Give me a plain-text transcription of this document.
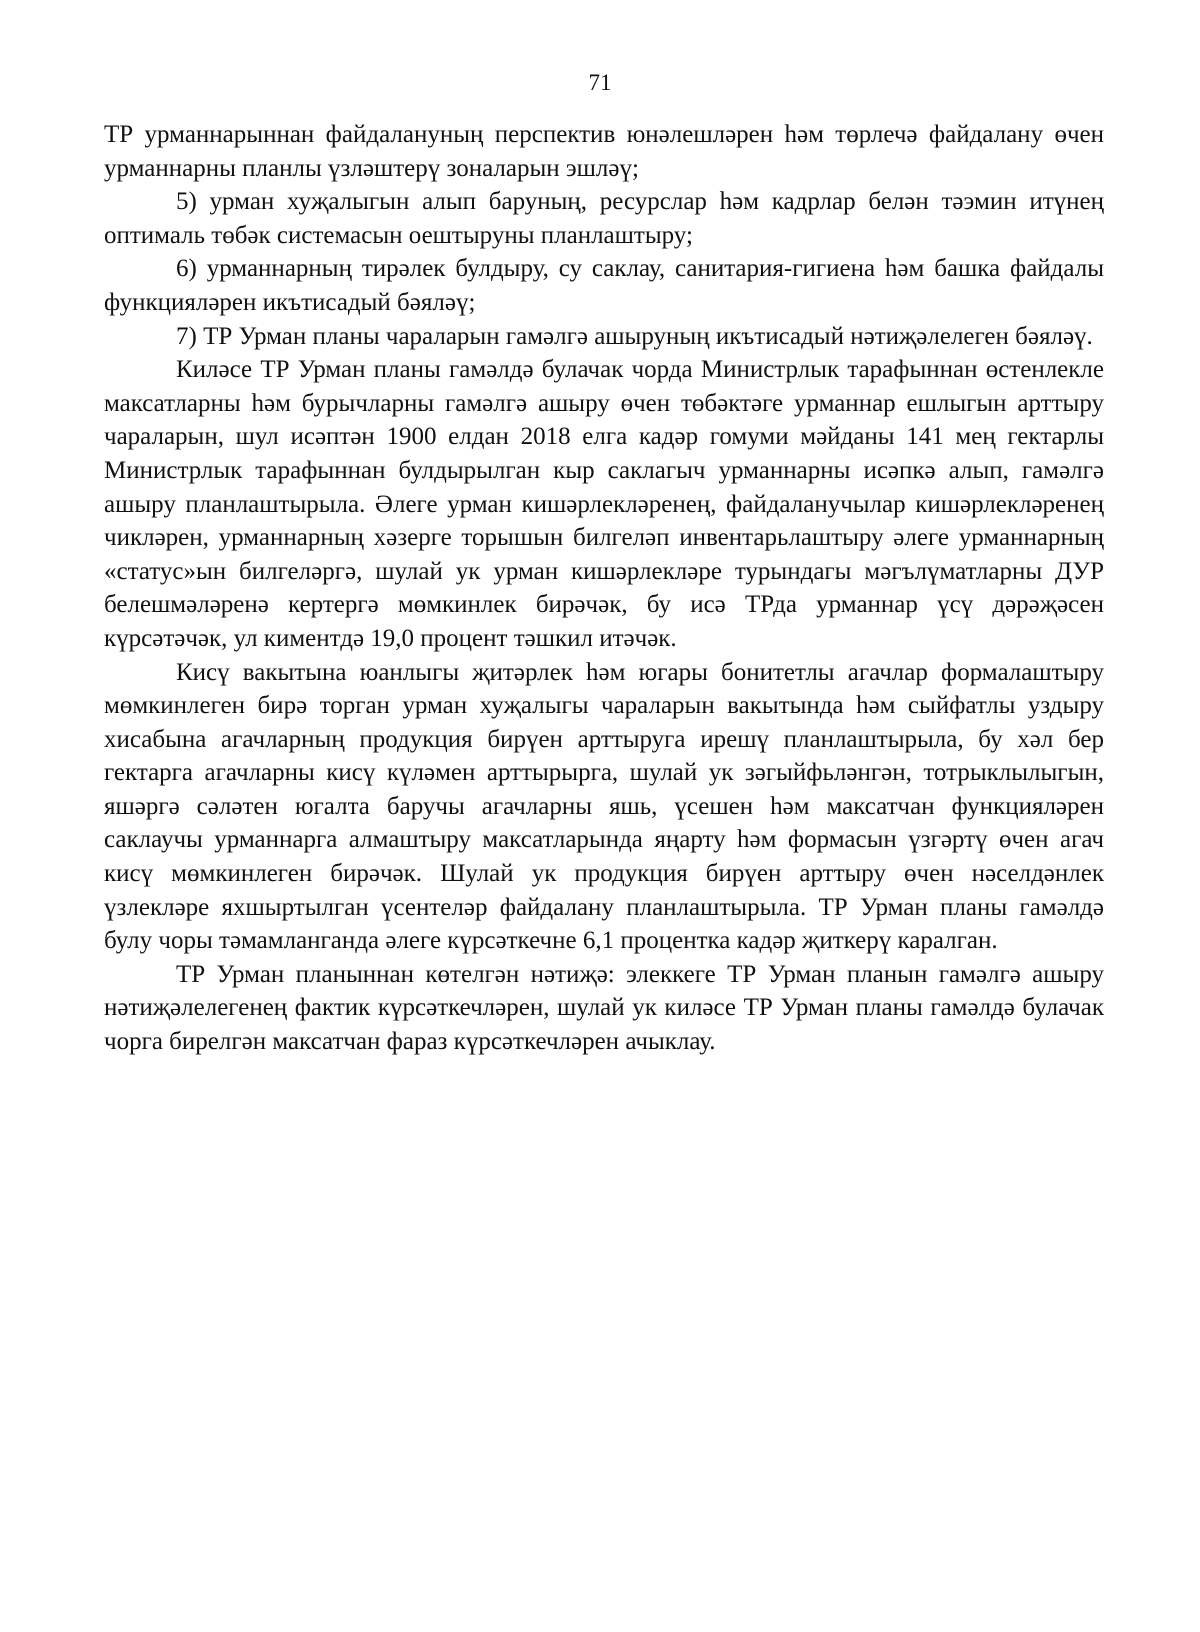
71

ТР урманнарыннан файдалануның перспектив юнәлешләрен һәм төрлечә файдалану өчен урманнарны планлы үзләштерү зоналарын эшләү;

5) урман хуҗалыгын алып баруның, ресурслар һәм кадрлар белән тәэмин итүнең оптималь төбәк системасын оештыруны планлаштыру;

6) урманнарның тирәлек булдыру, су саклау, санитария-гигиена һәм башка файдалы функцияләрен икътисадый бәяләү;

7) ТР Урман планы чараларын гамәлгә ашыруның икътисадый нәтиҗәлелеген бәяләү.

Киләсе ТР Урман планы гамәлдә булачак чорда Министрлык тарафыннан өстенлекле максатларны һәм бурычларны гамәлгә ашыру өчен төбәктәге урманнар ешлыгын арттыру чараларын, шул исәптән 1900 елдан 2018 елга кадәр гомуми мәйданы 141 мең гектарлы Министрлык тарафыннан булдырылган кыр саклагыч урманнарны исәпкә алып, гамәлгә ашыру планлаштырыла. Әлеге урман кишәрлекләренең, файдаланучылар кишәрлекләренең чикләрен, урманнарның хәзерге торышын билгеләп инвентарьлаштыру әлеге урманнарның «статус»ын билгеләргә, шулай ук урман кишәрлекләре турындагы мәгълүматларны ДУР белешмәләренә кертергә мөмкинлек бирәчәк, бу исә ТРда урманнар үсү дәрәҗәсен күрсәтәчәк, ул киментдә 19,0 процент тәшкил итәчәк.

Кисү вакытына юанлыгы җитәрлек һәм югары бонитетлы агачлар формалаштыру мөмкинлеген бирә торган урман хуҗалыгы чараларын вакытында һәм сыйфатлы уздыру хисабына агачларның продукция бирүен арттыруга ирешү планлаштырыла, бу хәл бер гектарга агачларны кисү күләмен арттырырга, шулай ук зәгыйфьләнгән, тотрыклылыгын, яшәргә сәләтен югалта баручы агачларны яшь, үсешен һәм максатчан функцияләрен саклаучы урманнарга алмаштыру максатларында яңарту һәм формасын үзгәртү өчен агач кисү мөмкинлеген бирәчәк. Шулай ук продукция бирүен арттыру өчен нәселдәнлек үзлекләре яхшыртылган үсентеләр файдалану планлаштырыла. ТР Урман планы гамәлдә булу чоры тәмамланганда әлеге күрсәткечне 6,1 процентка кадәр җиткерү каралган.

ТР Урман планыннан көтелгән нәтиҗә: элеккеге ТР Урман планын гамәлгә ашыру нәтиҗәлелегенең фактик күрсәткечләрен, шулай ук киләсе ТР Урман планы гамәлдә булачак чорга бирелгән максатчан фараз күрсәткечләрен ачыклау.
